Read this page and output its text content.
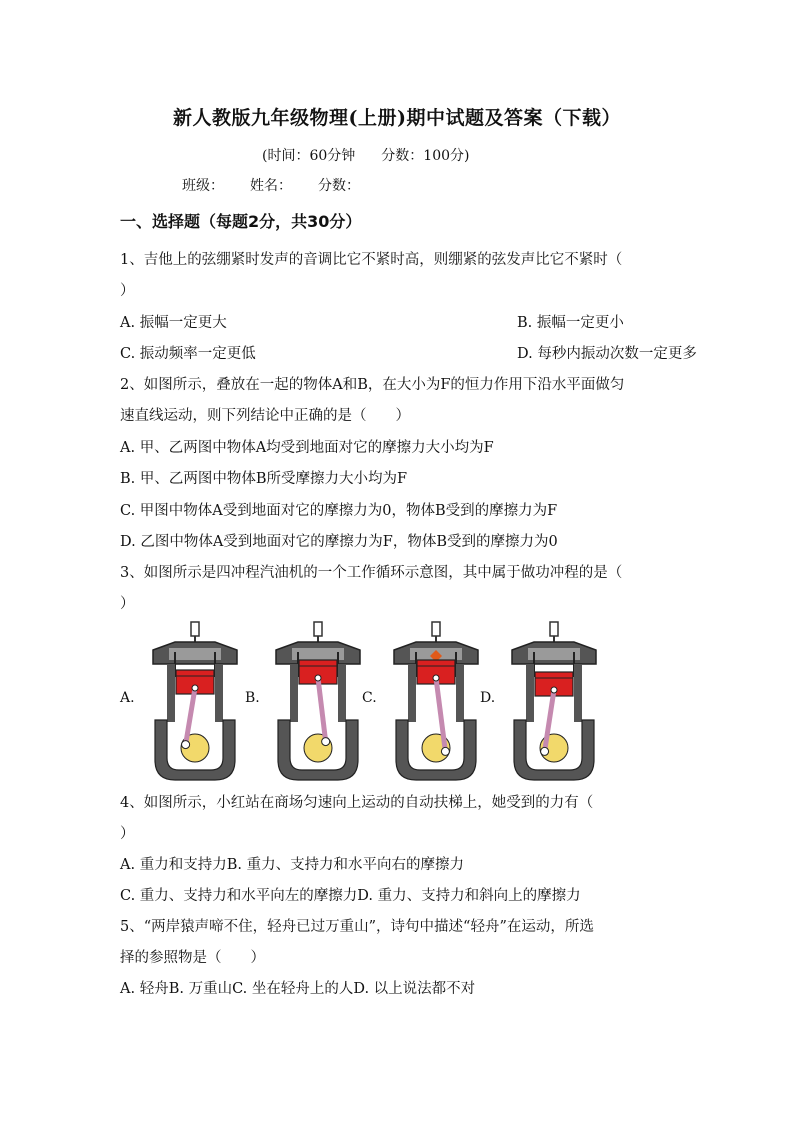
新人教版九年级物理(上册)期中试题及答案（下载）
(时间：60分钟 分数：100分)
班级： 姓名： 分数：
一、选择题（每题2分，共30分）
1、吉他上的弦绷紧时发声的音调比它不紧时高，则绷紧的弦发声比它不紧时（
）
A. 振幅一定更大	B. 振幅一定更小
C. 振动频率一定更低	D. 每秒内振动次数一定更多
2、如图所示，叠放在一起的物体A和B，在大小为F的恒力作用下沿水平面做匀
速直线运动，则下列结论中正确的是（　　）
A. 甲、乙两图中物体A均受到地面对它的摩擦力大小均为F
B. 甲、乙两图中物体B所受摩擦力大小均为F
C. 甲图中物体A受到地面对它的摩擦力为0，物体B受到的摩擦力为F
D. 乙图中物体A受到地面对它的摩擦力为F，物体B受到的摩擦力为0
3、如图所示是四冲程汽油机的一个工作循环示意图，其中属于做功冲程的是（
）
A.	B.	C.	D.
4、如图所示，小红站在商场匀速向上运动的自动扶梯上，她受到的力有（
）
A. 重力和支持力B. 重力、支持力和水平向右的摩擦力
C. 重力、支持力和水平向左的摩擦力D. 重力、支持力和斜向上的摩擦力
5、“两岸猿声啼不住，轻舟已过万重山”，诗句中描述“轻舟”在运动，所选
择的参照物是（　　）
A. 轻舟B. 万重山C. 坐在轻舟上的人D. 以上说法都不对
